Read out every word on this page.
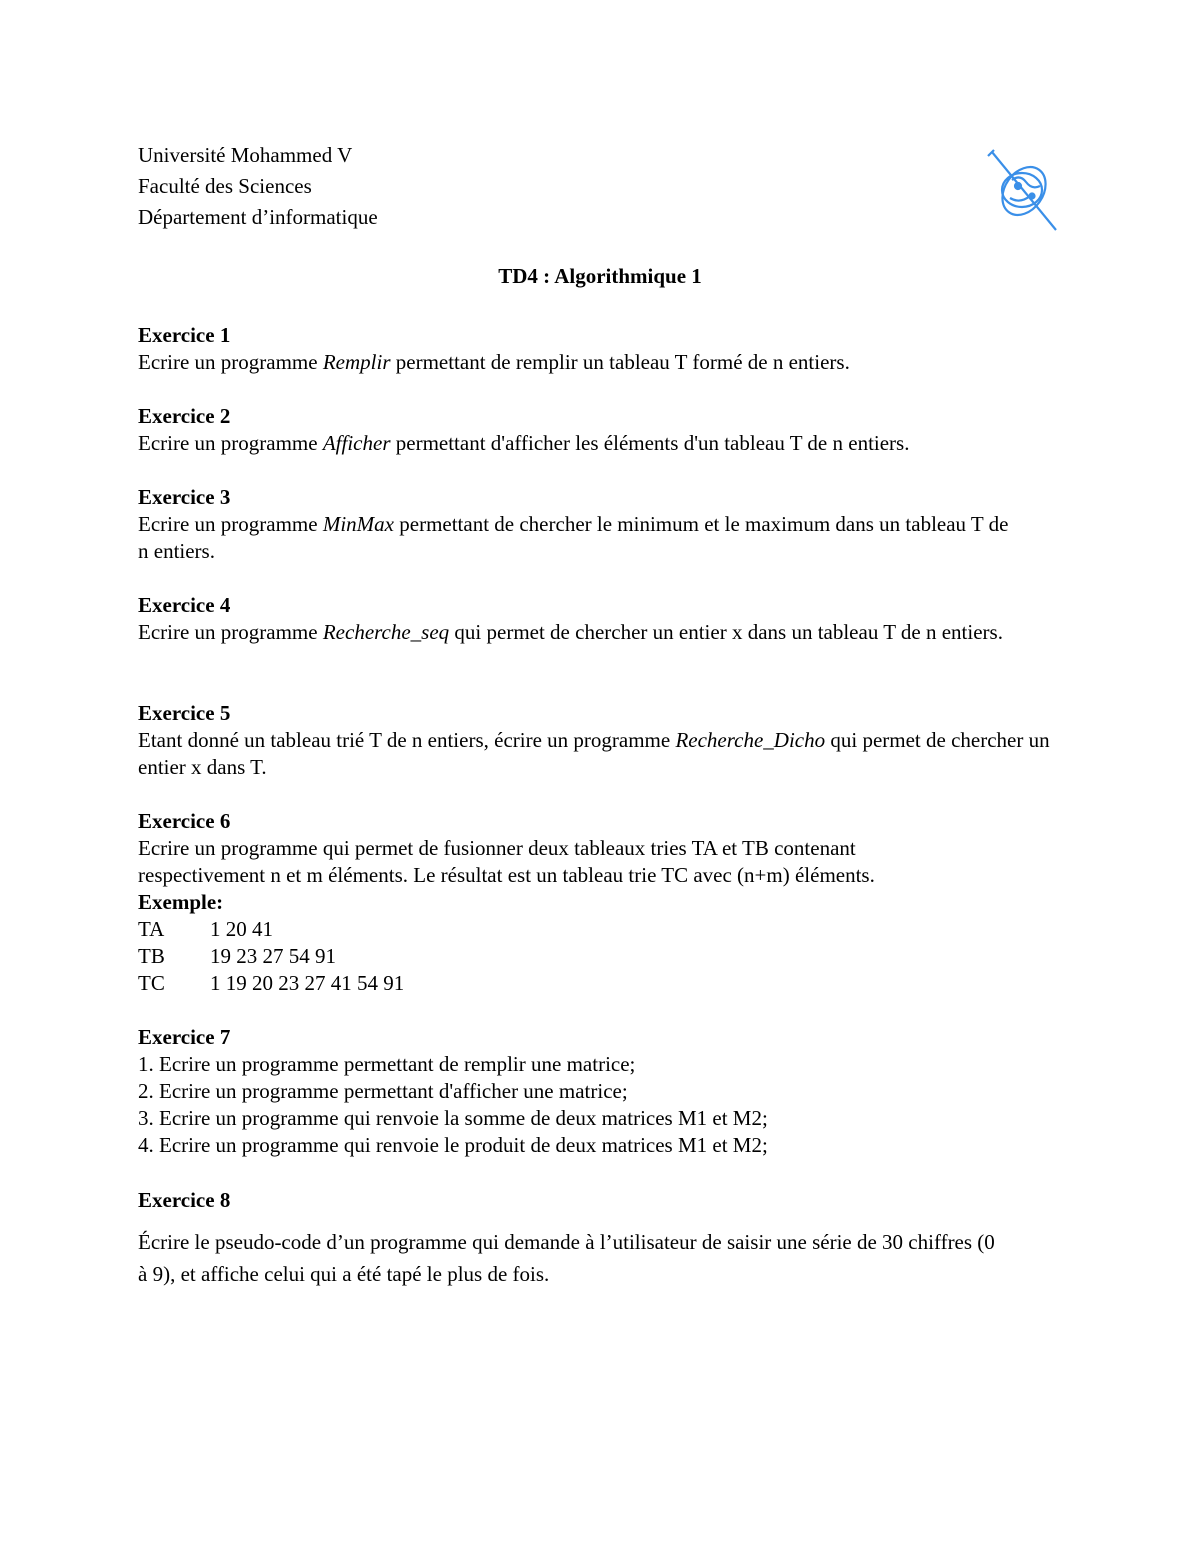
Université Mohammed V
Faculté des Sciences
Département d’informatique
TD4 : Algorithmique 1
Exercice 1

Ecrire un programme Remplir permettant de remplir un tableau T formé de n entiers.

Exercice 2

Ecrire un programme Afficher permettant d'afficher les éléments d'un tableau T de n entiers.

Exercice 3

Ecrire un programme MinMax permettant de chercher le minimum et le maximum dans un tableau T de n entiers.

Exercice 4

Ecrire un programme Recherche_seq qui permet de chercher un entier x dans un tableau T de n entiers.

Exercice 5

Etant donné un tableau trié T de n entiers, écrire un programme Recherche_Dicho qui permet de chercher un entier x dans T.

Exercice 6

Ecrire un programme qui permet de fusionner deux tableaux tries TA et TB contenant respectivement n et m éléments. Le résultat est un tableau trie TC avec (n+m) éléments.

Exemple:
TA	1 20 41
TB	19 23 27 54 91
TC	1 19 20 23 27 41 54 91
Exercice 7

1. Ecrire un programme permettant de remplir une matrice;

2. Ecrire un programme permettant d'afficher une matrice;

3. Ecrire un programme qui renvoie la somme de deux matrices M1 et M2;

4. Ecrire un programme qui renvoie le produit de deux matrices M1 et M2;

Exercice 8

Écrire le pseudo-code d’un programme qui demande à l’utilisateur de saisir une série de 30 chiffres (0 à 9), et affiche celui qui a été tapé le plus de fois.
